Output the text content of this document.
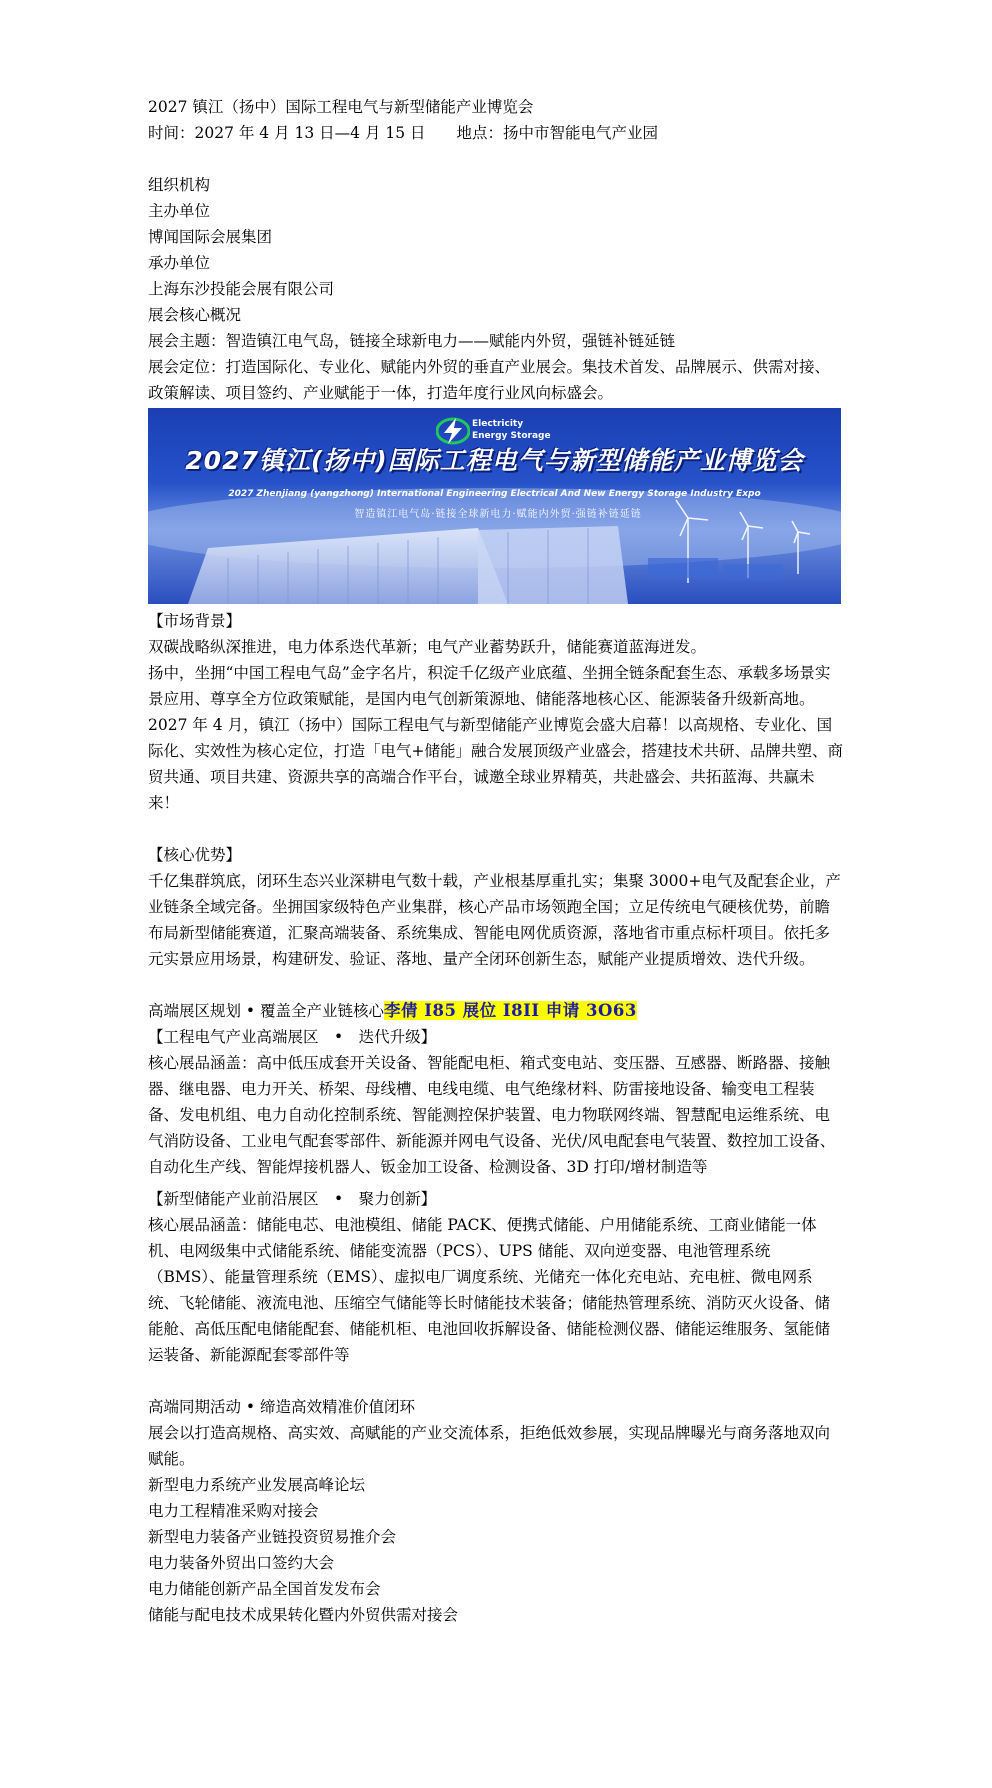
2027 镇江（扬中）国际工程电气与新型储能产业博览会

时间：2027 年 4 月 13 日—4 月 15 日　　地点：扬中市智能电气产业园

组织机构

主办单位

博闻国际会展集团

承办单位

上海东沙投能会展有限公司

展会核心概况

展会主题：智造镇江电气岛，链接全球新电力——赋能内外贸，强链补链延链

展会定位：打造国际化、专业化、赋能内外贸的垂直产业展会。集技术首发、品牌展示、供需对接、政策解读、项目签约、产业赋能于一体，打造年度行业风向标盛会。

Electricity
Energy Storage
2027镇江(扬中)国际工程电气与新型储能产业博览会
2027 Zhenjiang (yangzhong) International Engineering Electrical And New Energy Storage Industry Expo
智造镇江电气岛·链接全球新电力·赋能内外贸·强链补链延链

【市场背景】

双碳战略纵深推进，电力体系迭代革新；电气产业蓄势跃升，储能赛道蓝海迸发。

扬中，坐拥“中国工程电气岛”金字名片，积淀千亿级产业底蕴、坐拥全链条配套生态、承载多场景实景应用、尊享全方位政策赋能，是国内电气创新策源地、储能落地核心区、能源装备升级新高地。2027 年 4 月，镇江（扬中）国际工程电气与新型储能产业博览会盛大启幕！以高规格、专业化、国际化、实效性为核心定位，打造「电气+储能」融合发展顶级产业盛会，搭建技术共研、品牌共塑、商贸共通、项目共建、资源共享的高端合作平台，诚邀全球业界精英，共赴盛会、共拓蓝海、共赢未来！

【核心优势】

千亿集群筑底，闭环生态兴业深耕电气数十载，产业根基厚重扎实；集聚 3000+电气及配套企业，产业链条全域完备。坐拥国家级特色产业集群，核心产品市场领跑全国；立足传统电气硬核优势，前瞻布局新型储能赛道，汇聚高端装备、系统集成、智能电网优质资源，落地省市重点标杆项目。依托多元实景应用场景，构建研发、验证、落地、量产全闭环创新生态，赋能产业提质增效、迭代升级。

高端展区规划 • 覆盖全产业链核心李倩 I85 展位 I8II 申请 3O63

【工程电气产业高端展区　•　迭代升级】

核心展品涵盖：高中低压成套开关设备、智能配电柜、箱式变电站、变压器、互感器、断路器、接触器、继电器、电力开关、桥架、母线槽、电线电缆、电气绝缘材料、防雷接地设备、输变电工程装备、发电机组、电力自动化控制系统、智能测控保护装置、电力物联网终端、智慧配电运维系统、电气消防设备、工业电气配套零部件、新能源并网电气设备、光伏/风电配套电气装置、数控加工设备、自动化生产线、智能焊接机器人、钣金加工设备、检测设备、3D 打印/增材制造等

【新型储能产业前沿展区　•　聚力创新】

核心展品涵盖：储能电芯、电池模组、储能 PACK、便携式储能、户用储能系统、工商业储能一体机、电网级集中式储能系统、储能变流器（PCS）、UPS 储能、双向逆变器、电池管理系统（BMS）、能量管理系统（EMS）、虚拟电厂调度系统、光储充一体化充电站、充电桩、微电网系统、飞轮储能、液流电池、压缩空气储能等长时储能技术装备；储能热管理系统、消防灭火设备、储能舱、高低压配电储能配套、储能机柜、电池回收拆解设备、储能检测仪器、储能运维服务、氢能储运装备、新能源配套零部件等

高端同期活动 • 缔造高效精准价值闭环

展会以打造高规格、高实效、高赋能的产业交流体系，拒绝低效参展，实现品牌曝光与商务落地双向赋能。

新型电力系统产业发展高峰论坛

电力工程精准采购对接会

新型电力装备产业链投资贸易推介会

电力装备外贸出口签约大会

电力储能创新产品全国首发发布会

储能与配电技术成果转化暨内外贸供需对接会
